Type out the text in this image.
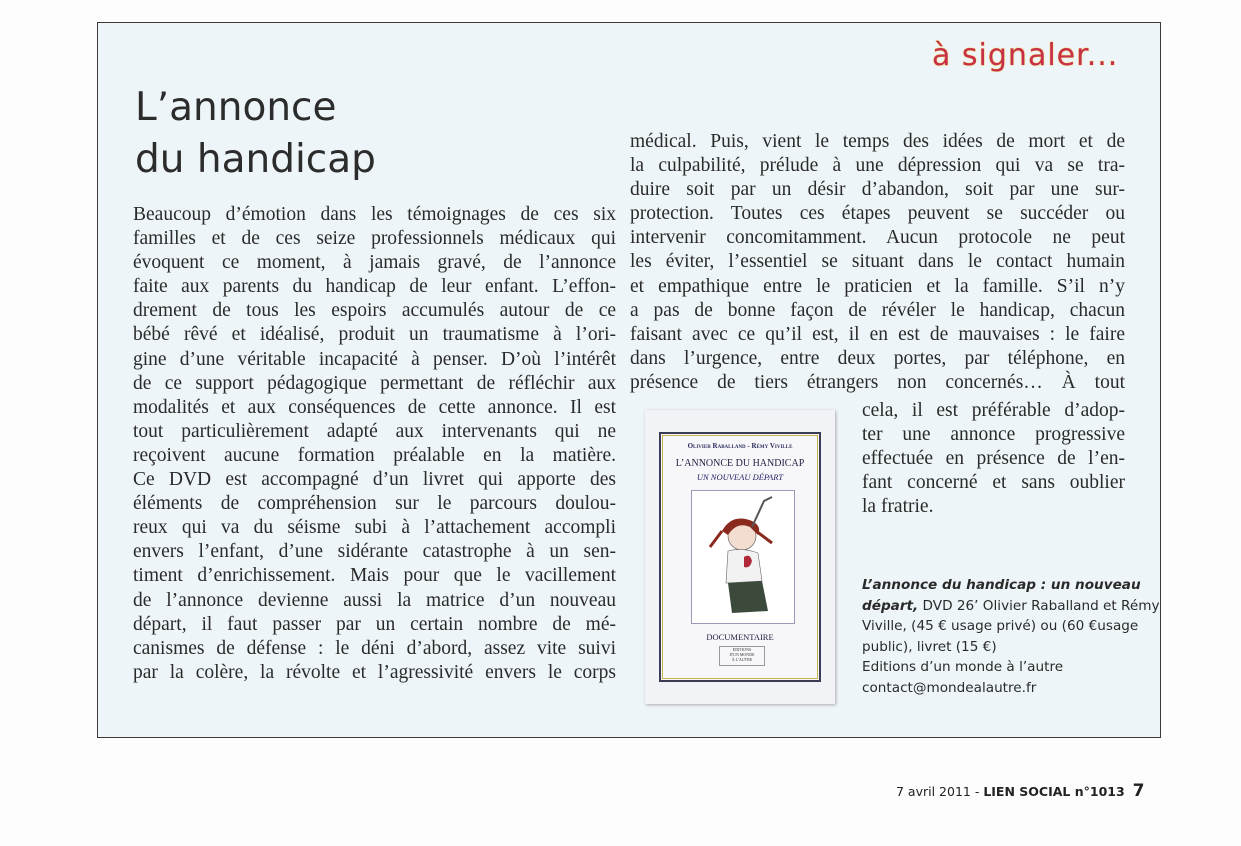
à signaler...
L’annonce
du handicap
Beaucoup d’émotion dans les témoignages de ces six
familles et de ces seize professionnels médicaux qui
évoquent ce moment, à jamais gravé, de l’annonce
faite aux parents du handicap de leur enfant. L’effon-
drement de tous les espoirs accumulés autour de ce
bébé rêvé et idéalisé, produit un traumatisme à l’ori-
gine d’une véritable incapacité à penser. D’où l’intérêt
de ce support pédagogique permettant de réfléchir aux
modalités et aux conséquences de cette annonce. Il est
tout particulièrement adapté aux intervenants qui ne
reçoivent aucune formation préalable en la matière.
Ce DVD est accompagné d’un livret qui apporte des
éléments de compréhension sur le parcours doulou-
reux qui va du séisme subi à l’attachement accompli
envers l’enfant, d’une sidérante catastrophe à un sen-
timent d’enrichissement. Mais pour que le vacillement
de l’annonce devienne aussi la matrice d’un nouveau
départ, il faut passer par un certain nombre de mé-
canismes de défense : le déni d’abord, assez vite suivi
par la colère, la révolte et l’agressivité envers le corps
médical. Puis, vient le temps des idées de mort et de
la culpabilité, prélude à une dépression qui va se tra-
duire soit par un désir d’abandon, soit par une sur-
protection. Toutes ces étapes peuvent se succéder ou
intervenir concomitamment. Aucun protocole ne peut
les éviter, l’essentiel se situant dans le contact humain
et empathique entre le praticien et la famille. S’il n’y
a pas de bonne façon de révéler le handicap, chacun
faisant avec ce qu’il est, il en est de mauvaises : le faire
dans l’urgence, entre deux portes, par téléphone, en
présence de tiers étrangers non concernés… À tout
cela, il est préférable d’adop-
ter une annonce progressive
effectuée en présence de l’en-
fant concerné et sans oublier
la fratrie.
Olivier Raballand - Rémy Viville
L’ANNONCE DU HANDICAP
UN NOUVEAU DÉPART
DOCUMENTAIRE
EDITIONS
D'UN MONDE
À L'AUTRE
L’annonce du handicap : un nouveau départ, DVD 26’ Olivier Raballand et Rémy Viville, (45 € usage privé) ou (60 €usage public), livret (15 €)
Editions d’un monde à l’autre
contact@mondealautre.fr
7 avril 2011 - LIEN SOCIAL n°1013 7
